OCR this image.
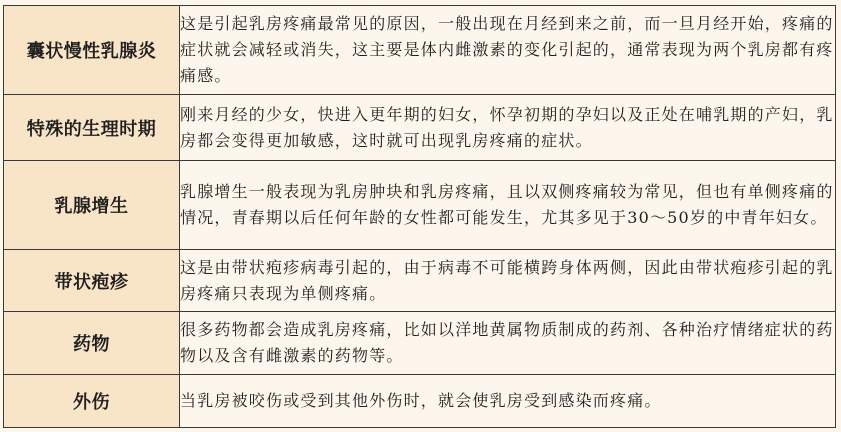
囊状慢性乳腺炎	这是引起乳房疼痛最常见的原因，一般出现在月经到来之前，而一旦月经开始，疼痛的症状就会减轻或消失，这主要是体内雌激素的变化引起的，通常表现为两个乳房都有疼痛感。
特殊的生理时期	刚来月经的少女，快进入更年期的妇女，怀孕初期的孕妇以及正处在哺乳期的产妇，乳房都会变得更加敏感，这时就可出现乳房疼痛的症状。
乳腺增生	乳腺增生一般表现为乳房肿块和乳房疼痛，且以双侧疼痛较为常见，但也有单侧疼痛的情况，青春期以后任何年龄的女性都可能发生，尤其多见于30～50岁的中青年妇女。
带状疱疹	这是由带状疱疹病毒引起的，由于病毒不可能横跨身体两侧，因此由带状疱疹引起的乳房疼痛只表现为单侧疼痛。
药物	很多药物都会造成乳房疼痛，比如以洋地黄属物质制成的药剂、各种治疗情绪症状的药物以及含有雌激素的药物等。
外伤	当乳房被咬伤或受到其他外伤时，就会使乳房受到感染而疼痛。
